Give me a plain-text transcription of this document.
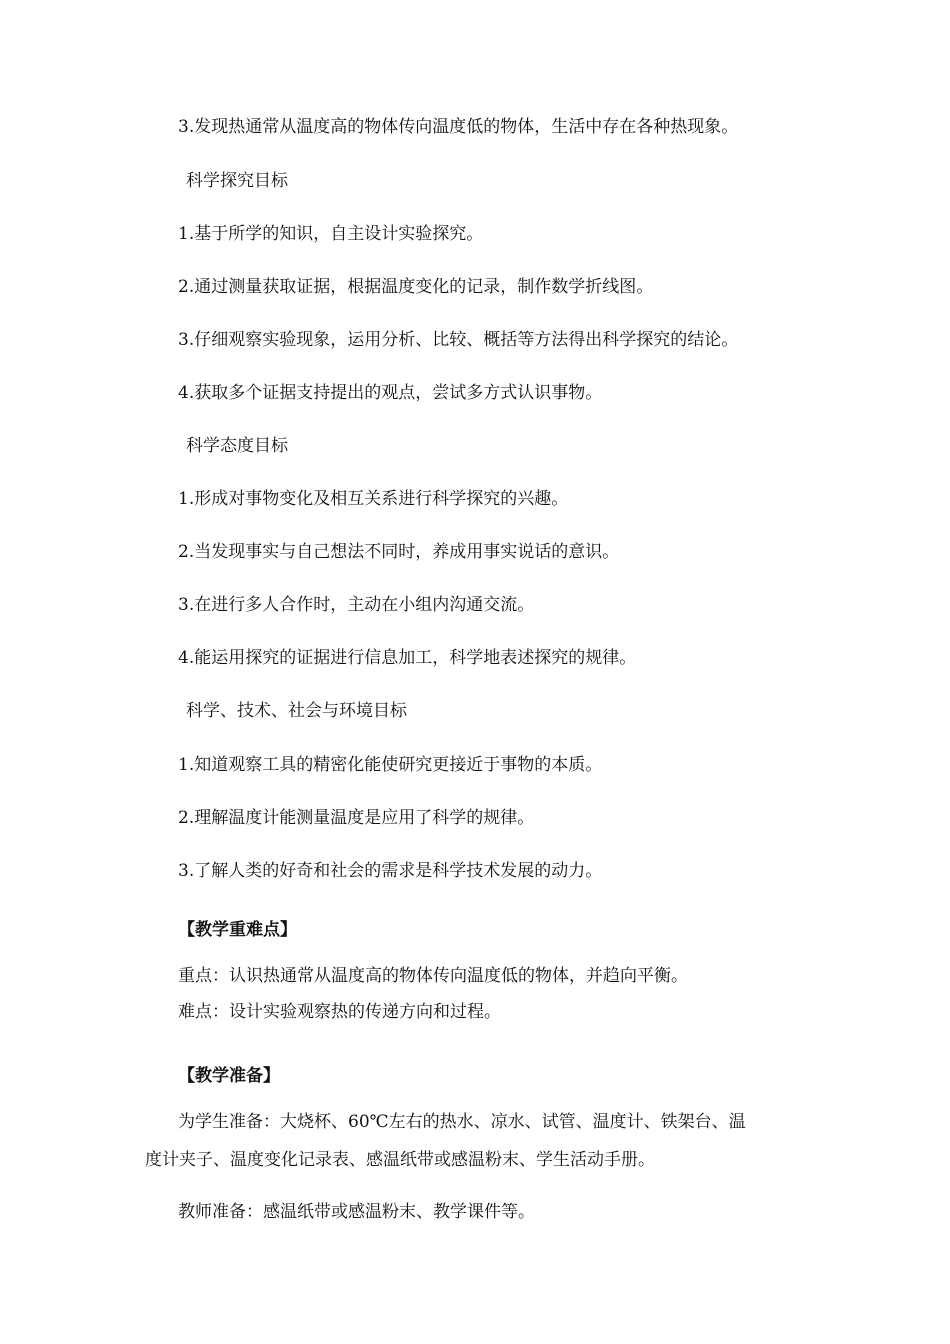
3.发现热通常从温度高的物体传向温度低的物体，生活中存在各种热现象。

科学探究目标

1.基于所学的知识，自主设计实验探究。

2.通过测量获取证据，根据温度变化的记录，制作数学折线图。

3.仔细观察实验现象，运用分析、比较、概括等方法得出科学探究的结论。

4.获取多个证据支持提出的观点，尝试多方式认识事物。

科学态度目标

1.形成对事物变化及相互关系进行科学探究的兴趣。

2.当发现事实与自己想法不同时，养成用事实说话的意识。

3.在进行多人合作时，主动在小组内沟通交流。

4.能运用探究的证据进行信息加工，科学地表述探究的规律。

科学、技术、社会与环境目标

1.知道观察工具的精密化能使研究更接近于事物的本质。

2.理解温度计能测量温度是应用了科学的规律。

3.了解人类的好奇和社会的需求是科学技术发展的动力。

【教学重难点】

重点：认识热通常从温度高的物体传向温度低的物体，并趋向平衡。

难点：设计实验观察热的传递方向和过程。

【教学准备】

为学生准备：大烧杯、60℃左右的热水、凉水、试管、温度计、铁架台、温

度计夹子、温度变化记录表、感温纸带或感温粉末、学生活动手册。

教师准备：感温纸带或感温粉末、教学课件等。
